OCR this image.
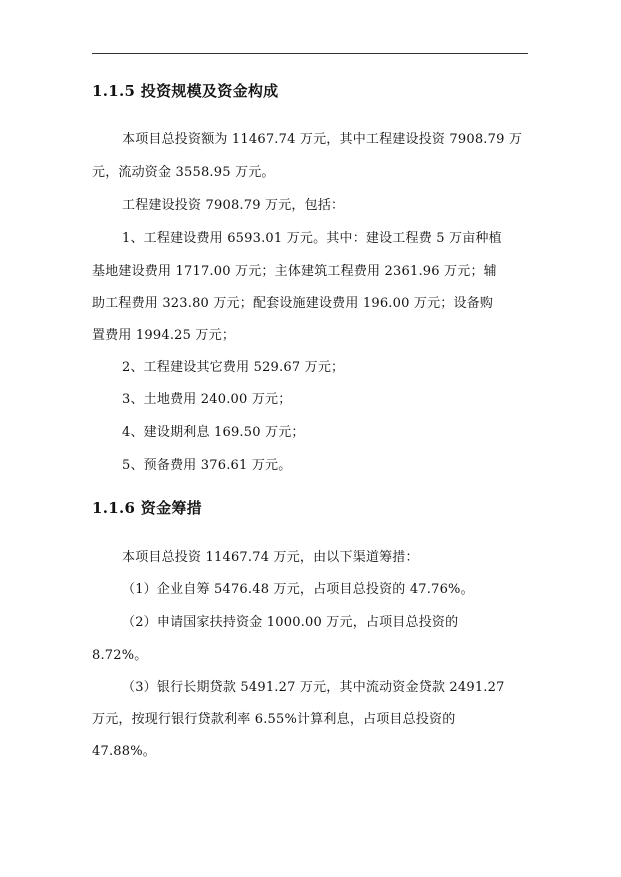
1.1.5 投资规模及资金构成
本项目总投资额为 11467.74 万元，其中工程建设投资 7908.79 万
元，流动资金 3558.95 万元。
工程建设投资 7908.79 万元，包括：
1、工程建设费用 6593.01 万元。其中：建设工程费 5 万亩种植
基地建设费用 1717.00 万元；主体建筑工程费用 2361.96 万元；辅
助工程费用 323.80 万元；配套设施建设费用 196.00 万元；设备购
置费用 1994.25 万元；
2、工程建设其它费用 529.67 万元；
3、土地费用 240.00 万元；
4、建设期利息 169.50 万元；
5、预备费用 376.61 万元。
1.1.6 资金筹措
本项目总投资 11467.74 万元，由以下渠道筹措：
（1）企业自筹 5476.48 万元，占项目总投资的 47.76%。
（2）申请国家扶持资金 1000.00 万元，占项目总投资的
8.72%。
（3）银行长期贷款 5491.27 万元，其中流动资金贷款 2491.27
万元，按现行银行贷款利率 6.55%计算利息，占项目总投资的
47.88%。
